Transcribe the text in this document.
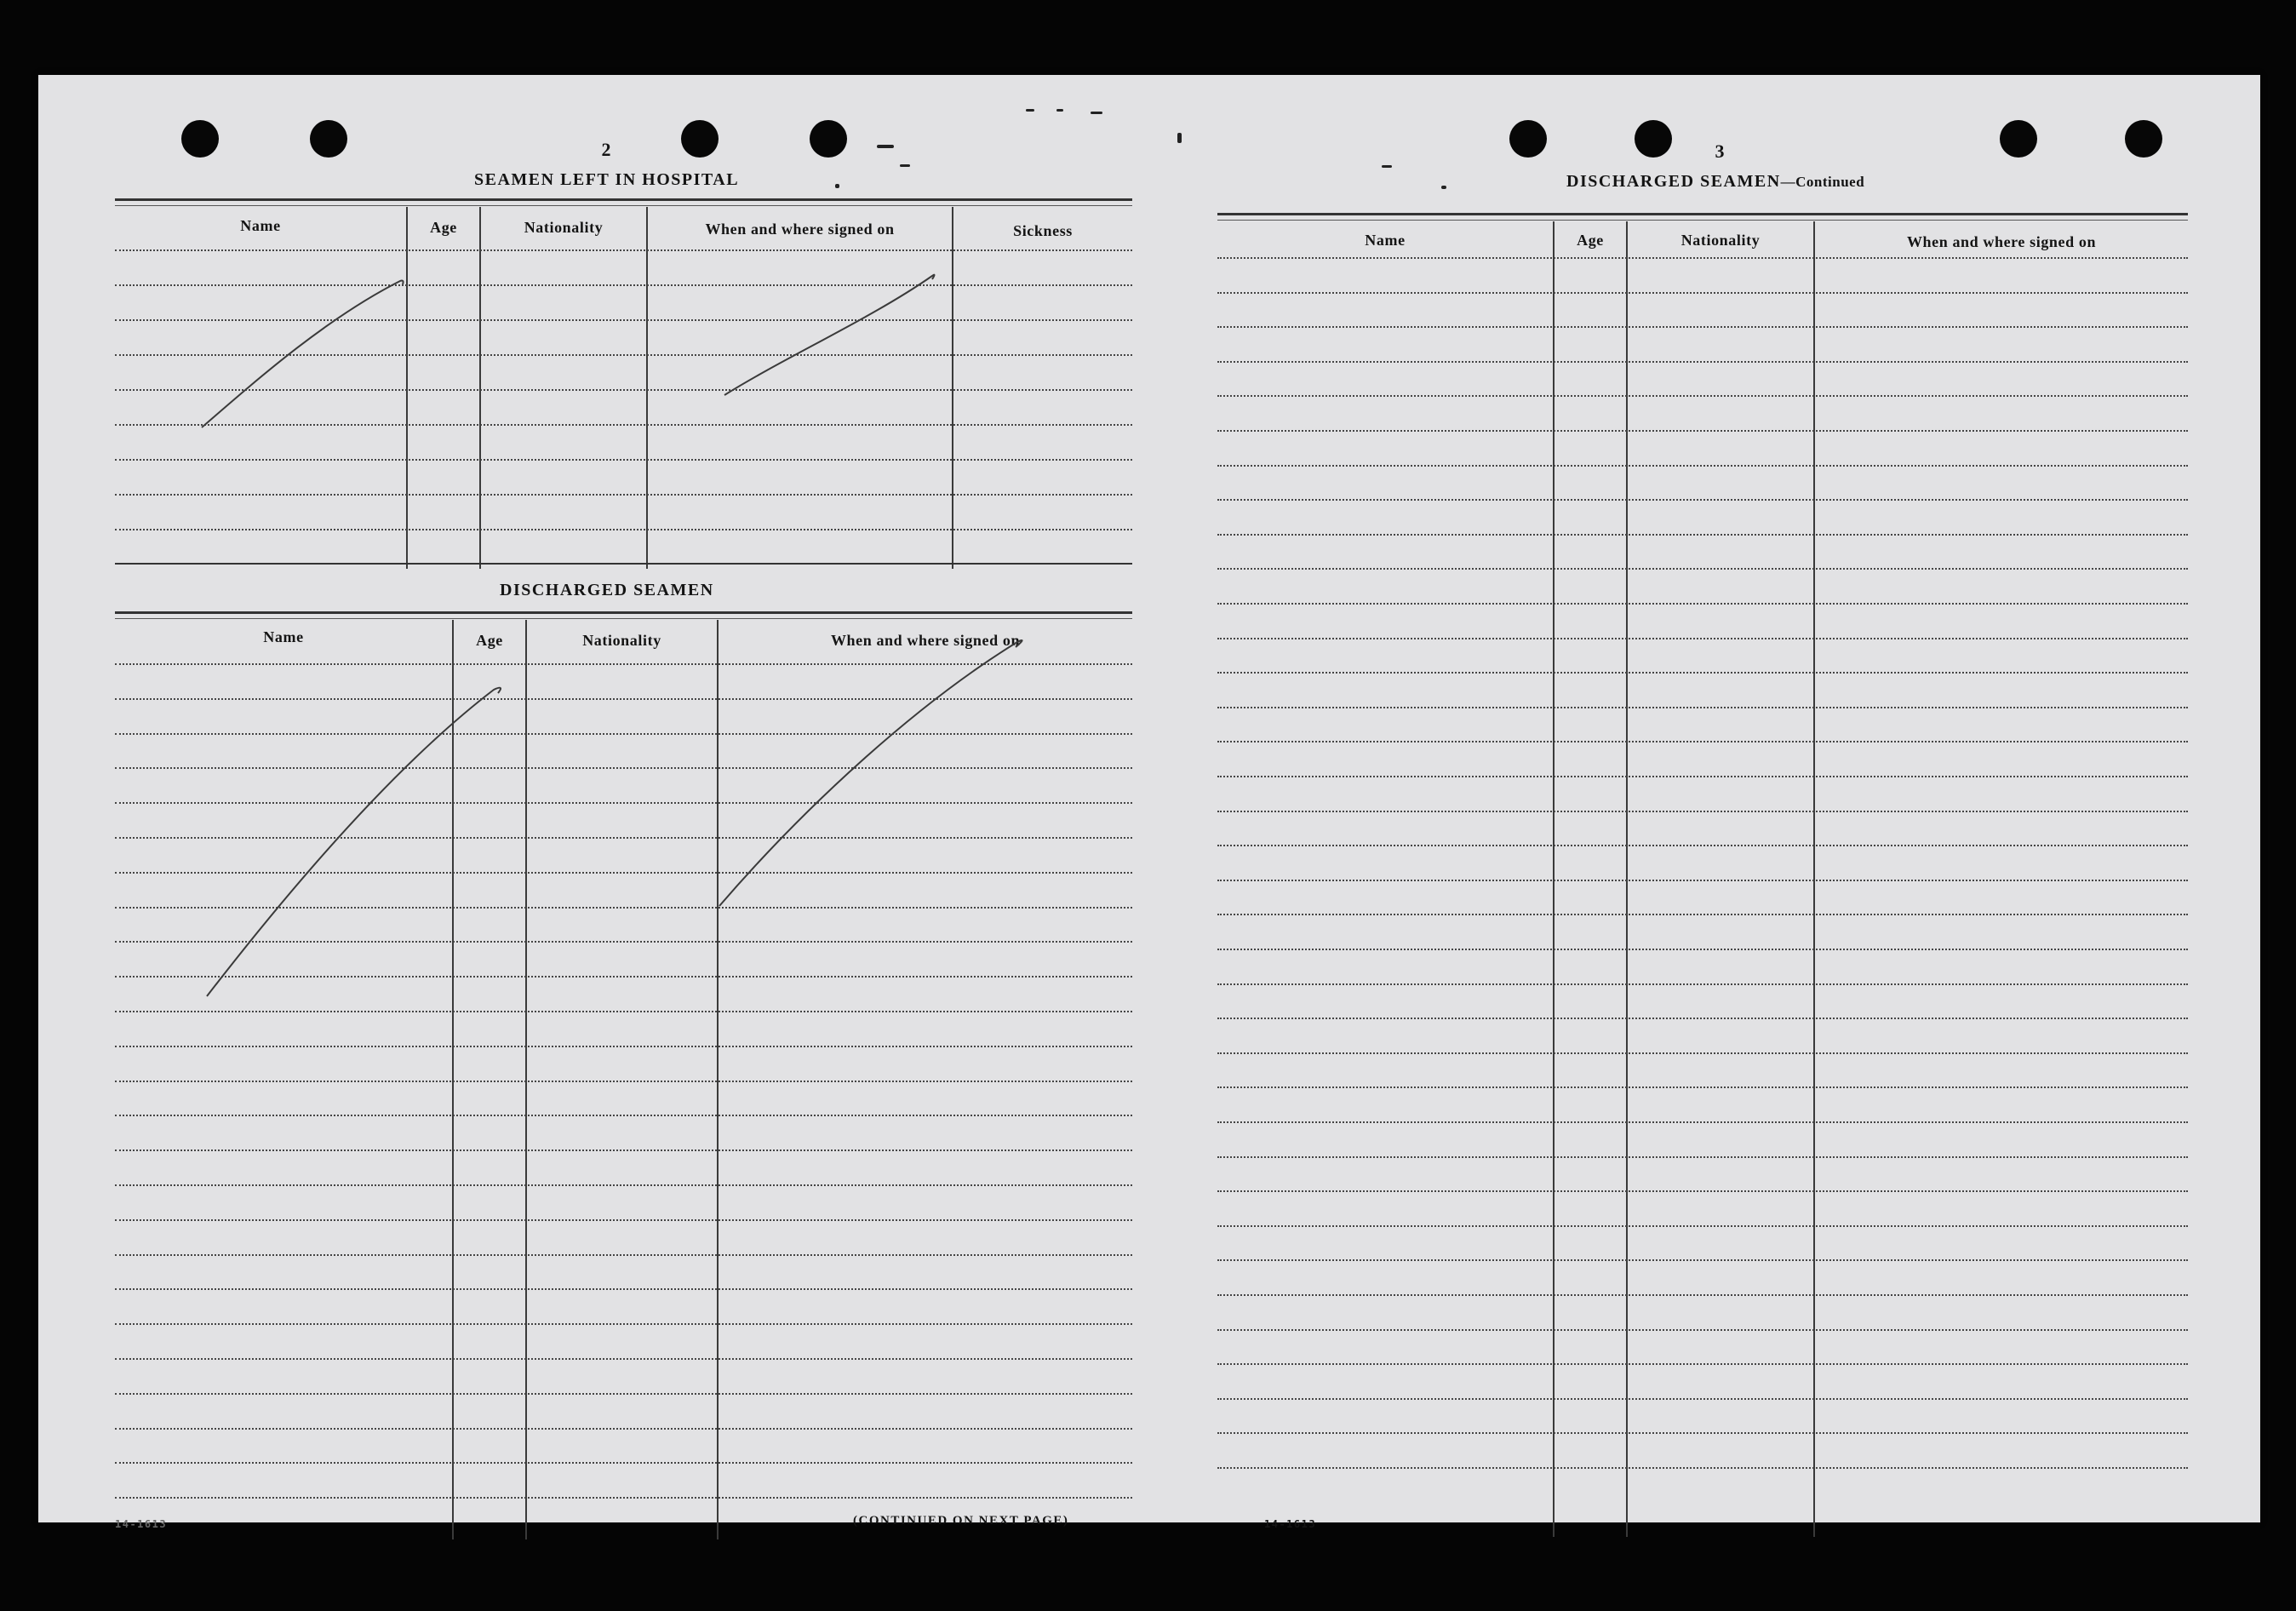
2
SEAMEN LEFT IN HOSPITAL
Name	Age	Nationality	When and where signed on	Sickness
DISCHARGED SEAMEN
Name	Age	Nationality	When and where signed on
14-1613	(CONTINUED ON NEXT PAGE)
3
DISCHARGED SEAMEN—Continued
Name	Age	Nationality	When and where signed on
14-1613
